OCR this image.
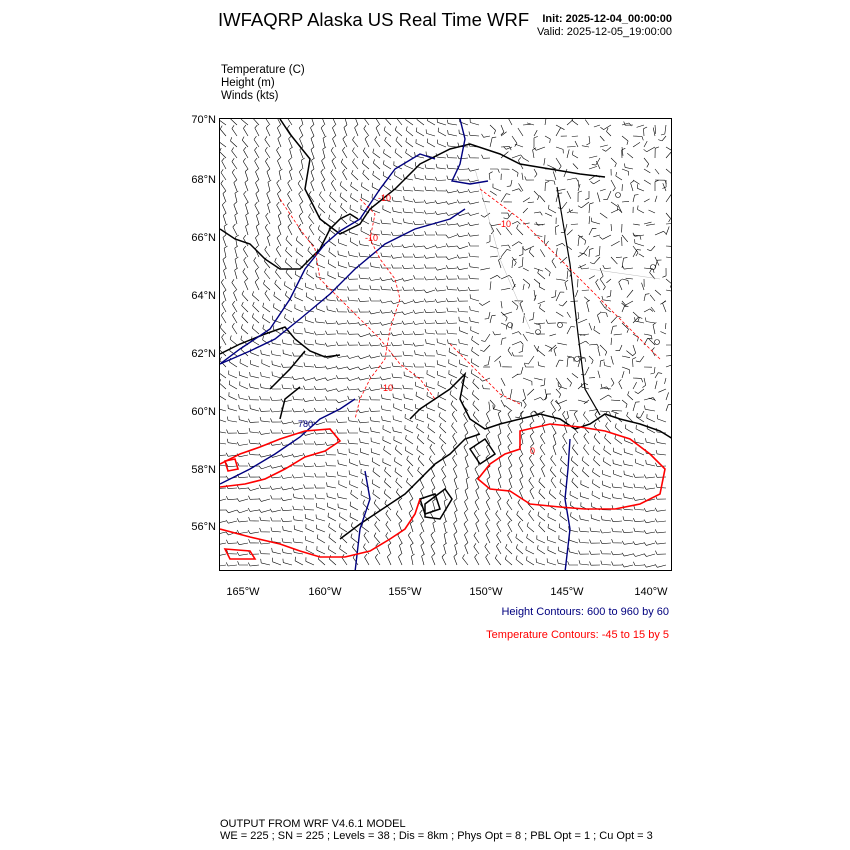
IWFAQRP Alaska US Real Time WRF Init: 2025-12-04_00:00:00
Valid: 2025-12-05_19:00:00
Temperature (C)
Height (m)
Winds (kts)
-10
-10
-10
780
-10
0
70°N
68°N
66°N
64°N
62°N
60°N
58°N
56°N
165°W	160°W	155°W	150°W	145°W	140°W
Height Contours: 600 to 960 by 60
Temperature Contours: -45 to 15 by 5
OUTPUT FROM WRF V4.6.1 MODEL
WE = 225 ; SN = 225 ; Levels = 38 ; Dis = 8km ; Phys Opt = 8 ; PBL Opt = 1 ; Cu Opt = 3
